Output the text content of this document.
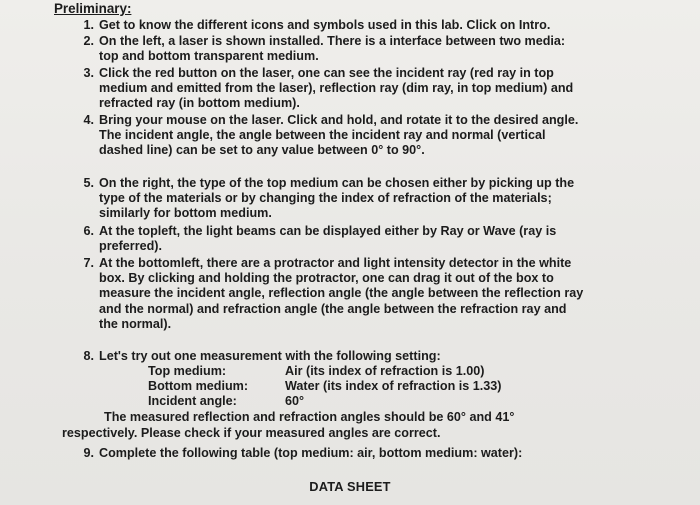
Preliminary:
1. Get to know the different icons and symbols used in this lab. Click on Intro.
2. On the left, a laser is shown installed. There is a interface between two media:
top and bottom transparent medium.
3. Click the red button on the laser, one can see the incident ray (red ray in top
medium and emitted from the laser), reflection ray (dim ray, in top medium) and
refracted ray (in bottom medium).
4. Bring your mouse on the laser. Click and hold, and rotate it to the desired angle.
The incident angle, the angle between the incident ray and normal (vertical
dashed line) can be set to any value between 0° to 90°.
5. On the right, the type of the top medium can be chosen either by picking up the
type of the materials or by changing the index of refraction of the materials;
similarly for bottom medium.
6. At the topleft, the light beams can be displayed either by Ray or Wave (ray is
preferred).
7. At the bottomleft, there are a protractor and light intensity detector in the white
box. By clicking and holding the protractor, one can drag it out of the box to
measure the incident angle, reflection angle (the angle between the reflection ray
and the normal) and refraction angle (the angle between the refraction ray and
the normal).
8. Let's try out one measurement with the following setting:
9. Complete the following table (top medium: air, bottom medium: water):
Top medium:	Air (its index of refraction is 1.00)
Bottom medium:	Water (its index of refraction is 1.33)
Incident angle:	60°
The measured reflection and refraction angles should be 60° and 41°
respectively. Please check if your measured angles are correct.
DATA SHEET
